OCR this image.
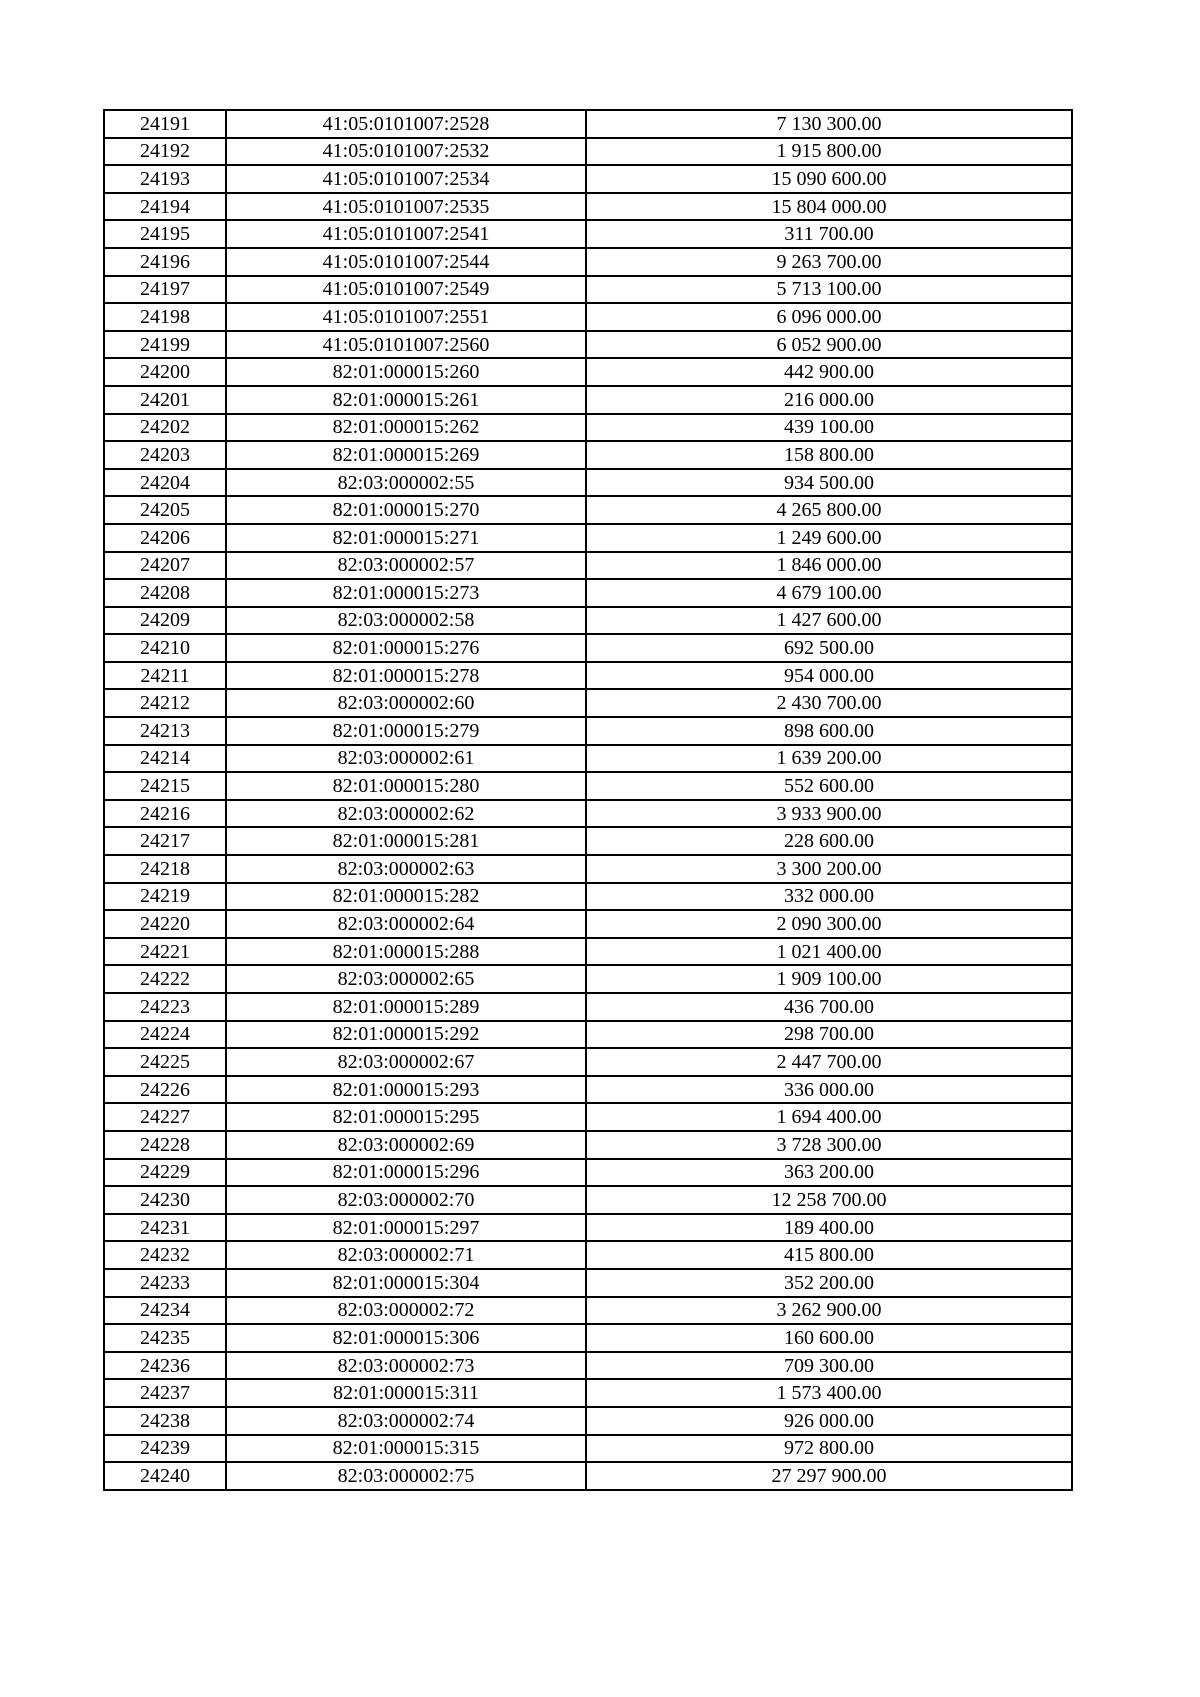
24191	41:05:0101007:2528	7 130 300.00
24192	41:05:0101007:2532	1 915 800.00
24193	41:05:0101007:2534	15 090 600.00
24194	41:05:0101007:2535	15 804 000.00
24195	41:05:0101007:2541	311 700.00
24196	41:05:0101007:2544	9 263 700.00
24197	41:05:0101007:2549	5 713 100.00
24198	41:05:0101007:2551	6 096 000.00
24199	41:05:0101007:2560	6 052 900.00
24200	82:01:000015:260	442 900.00
24201	82:01:000015:261	216 000.00
24202	82:01:000015:262	439 100.00
24203	82:01:000015:269	158 800.00
24204	82:03:000002:55	934 500.00
24205	82:01:000015:270	4 265 800.00
24206	82:01:000015:271	1 249 600.00
24207	82:03:000002:57	1 846 000.00
24208	82:01:000015:273	4 679 100.00
24209	82:03:000002:58	1 427 600.00
24210	82:01:000015:276	692 500.00
24211	82:01:000015:278	954 000.00
24212	82:03:000002:60	2 430 700.00
24213	82:01:000015:279	898 600.00
24214	82:03:000002:61	1 639 200.00
24215	82:01:000015:280	552 600.00
24216	82:03:000002:62	3 933 900.00
24217	82:01:000015:281	228 600.00
24218	82:03:000002:63	3 300 200.00
24219	82:01:000015:282	332 000.00
24220	82:03:000002:64	2 090 300.00
24221	82:01:000015:288	1 021 400.00
24222	82:03:000002:65	1 909 100.00
24223	82:01:000015:289	436 700.00
24224	82:01:000015:292	298 700.00
24225	82:03:000002:67	2 447 700.00
24226	82:01:000015:293	336 000.00
24227	82:01:000015:295	1 694 400.00
24228	82:03:000002:69	3 728 300.00
24229	82:01:000015:296	363 200.00
24230	82:03:000002:70	12 258 700.00
24231	82:01:000015:297	189 400.00
24232	82:03:000002:71	415 800.00
24233	82:01:000015:304	352 200.00
24234	82:03:000002:72	3 262 900.00
24235	82:01:000015:306	160 600.00
24236	82:03:000002:73	709 300.00
24237	82:01:000015:311	1 573 400.00
24238	82:03:000002:74	926 000.00
24239	82:01:000015:315	972 800.00
24240	82:03:000002:75	27 297 900.00
